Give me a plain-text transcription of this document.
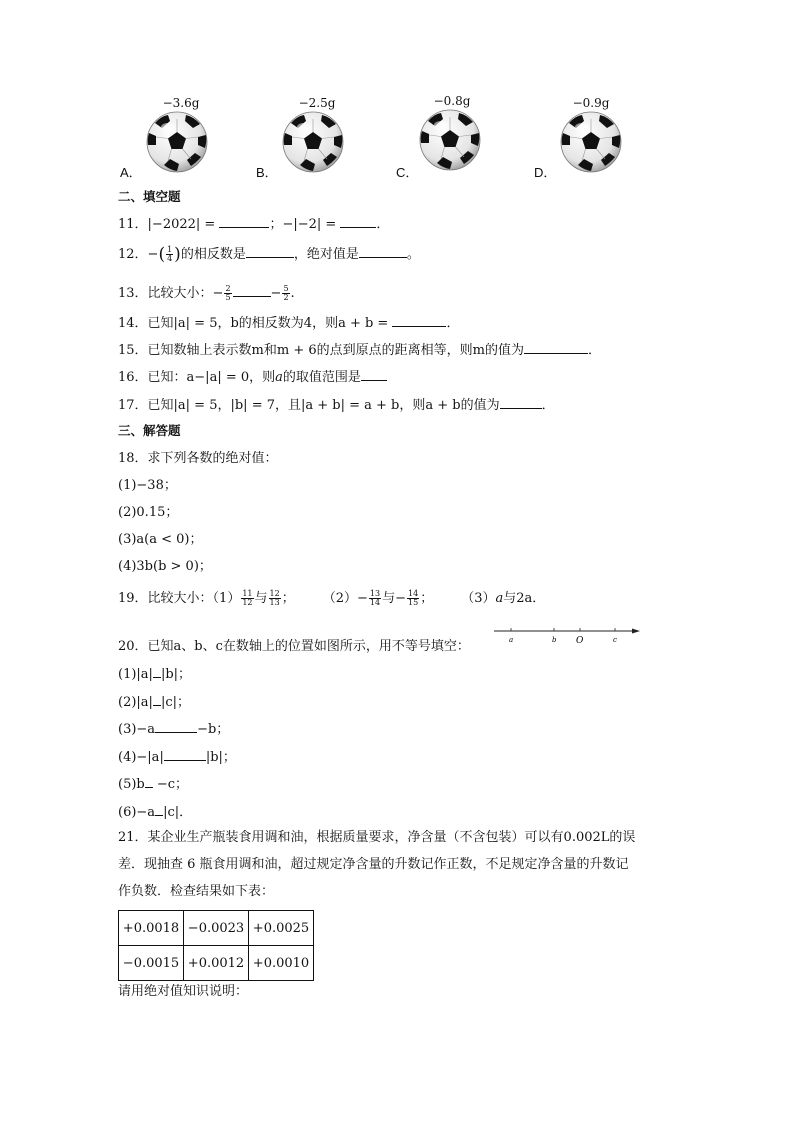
A．
−3.6g
B．
−2.5g
C．
−0.8g
D．
−0.9g
二、填空题
11．|−2022| =	；−|−2| =	．
12．−( $\frac{1}{4}$ )的相反数是	，绝对值是	。
13．比较大小：− $\frac{2}{5}$	− $\frac{5}{2}$ .
14．已知|a| = 5，b的相反数为4，则a + b =	．
15．已知数轴上表示数m和m + 6的点到原点的距离相等，则m的值为	．
16．已知：a−|a| = 0，则a的取值范围是
17．已知|a| = 5，|b| = 7，且|a + b| = a + b，则a + b的值为	．
三、解答题
18．求下列各数的绝对值：
(1)−38；
(2)0.15；
(3)a(a < 0)；
(4)3b(b > 0)；
19．比较大小：$(1) \frac{11}{12}$ 与 $\frac{12}{13}$ ； $(2)- \frac{13}{14}$ 与− $\frac{14}{15}$ ； （3）a与2a．
20．已知a、b、c在数轴上的位置如图所示，用不等号填空：	a	b O	c
(1)|a| |b|；
(2)|a| |c|；
(3)−a	−b；
(4)−|a|	|b|；
(5)b −c；
(6)−a |c|．
21．某企业生产瓶装食用调和油，根据质量要求，净含量（不含包装）可以有0.002L的误
差．现抽查 6 瓶食用调和油，超过规定净含量的升数记作正数，不足规定净含量的升数记
作负数．检查结果如下表：
+0.0018	−0.0023	+0.0025
−0.0015	+0.0012	+0.0010
请用绝对值知识说明：
